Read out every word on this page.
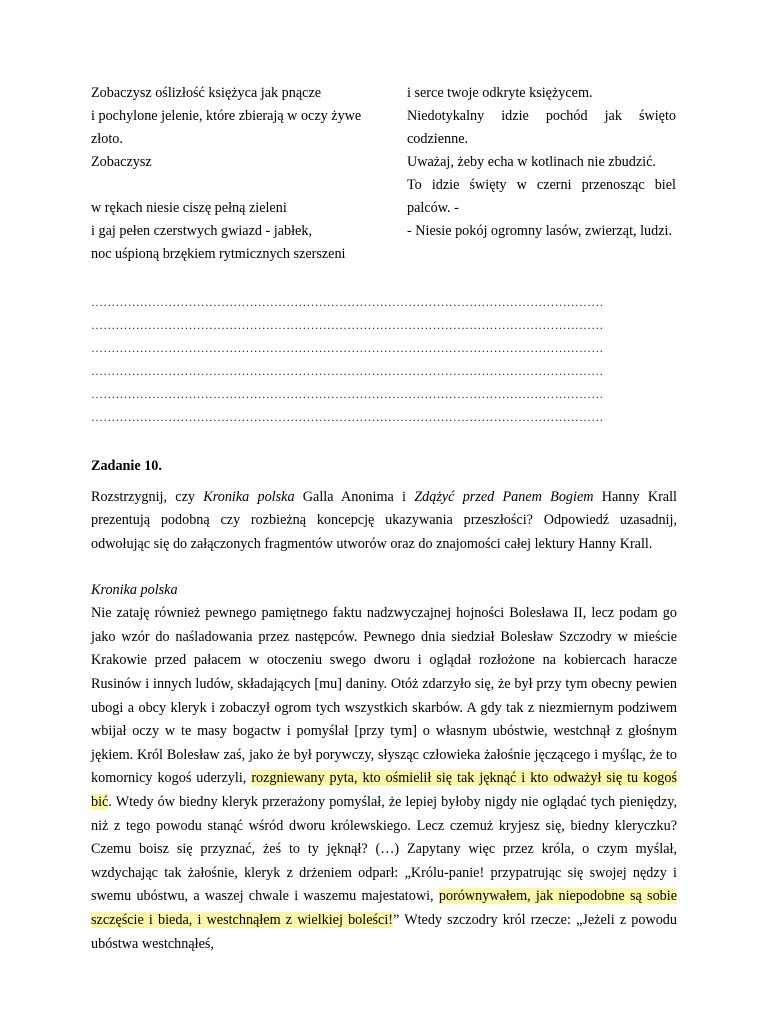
Zobaczysz oślizłość księżyca jak pnącze
i pochylone jelenie, które zbierają w oczy żywe
złoto.
Zobaczysz
w rękach niesie ciszę pełną zieleni
i gaj pełen czerstwych gwiazd - jabłek,
noc uśpioną brzękiem rytmicznych szerszeni
i serce twoje odkryte księżycem.
Niedotykalny idzie pochód jak święto
codzienne.
Uważaj, żeby echa w kotlinach nie zbudzić.
To idzie święty w czerni przenosząc biel
palców. -
- Niesie pokój ogromny lasów, zwierząt, ludzi.
………………………………………………………………………………………………………………
………………………………………………………………………………………………………………
………………………………………………………………………………………………………………
………………………………………………………………………………………………………………
………………………………………………………………………………………………………………
………………………………………………………………………………………………………………

Zadanie 10.

Rozstrzygnij, czy Kronika polska Galla Anonima i Zdążyć przed Panem Bogiem Hanny Krall prezentują podobną czy rozbieżną koncepcję ukazywania przeszłości? Odpowiedź uzasadnij, odwołując się do załączonych fragmentów utworów oraz do znajomości całej lektury Hanny Krall.

Kronika polska

Nie zataję również pewnego pamiętnego faktu nadzwyczajnej hojności Bolesława II, lecz podam go jako wzór do naśladowania przez następców. Pewnego dnia siedział Bolesław Szczodry w mieście Krakowie przed pałacem w otoczeniu swego dworu i oglądał rozłożone na kobiercach haracze Rusinów i innych ludów, składających [mu] daniny. Otóż zdarzyło się, że był przy tym obecny pewien ubogi a obcy kleryk i zobaczył ogrom tych wszystkich skarbów. A gdy tak z niezmiernym podziwem wbijał oczy w te masy bogactw i pomyślał [przy tym] o własnym ubóstwie, westchnął z głośnym jękiem. Król Bolesław zaś, jako że był porywczy, słysząc człowieka żałośnie jęczącego i myśląc, że to komornicy kogoś uderzyli, rozgniewany pyta, kto ośmielił się tak jęknąć i kto odważył się tu kogoś bić. Wtedy ów biedny kleryk przerażony pomyślał, że lepiej byłoby nigdy nie oglądać tych pieniędzy, niż z tego powodu stanąć wśród dworu królewskiego. Lecz czemuż kryjesz się, biedny kleryczku? Czemu boisz się przyznać, żeś to ty jęknął? (…) Zapytany więc przez króla, o czym myślał, wzdychając tak żałośnie, kleryk z drżeniem odparł: „Królu-panie! przypatrując się swojej nędzy i swemu ubóstwu, a waszej chwale i waszemu majestatowi, porównywałem, jak niepodobne są sobie szczęście i bieda, i westchnąłem z wielkiej boleści!” Wtedy szczodry król rzecze: „Jeżeli z powodu ubóstwa westchnąłeś,
